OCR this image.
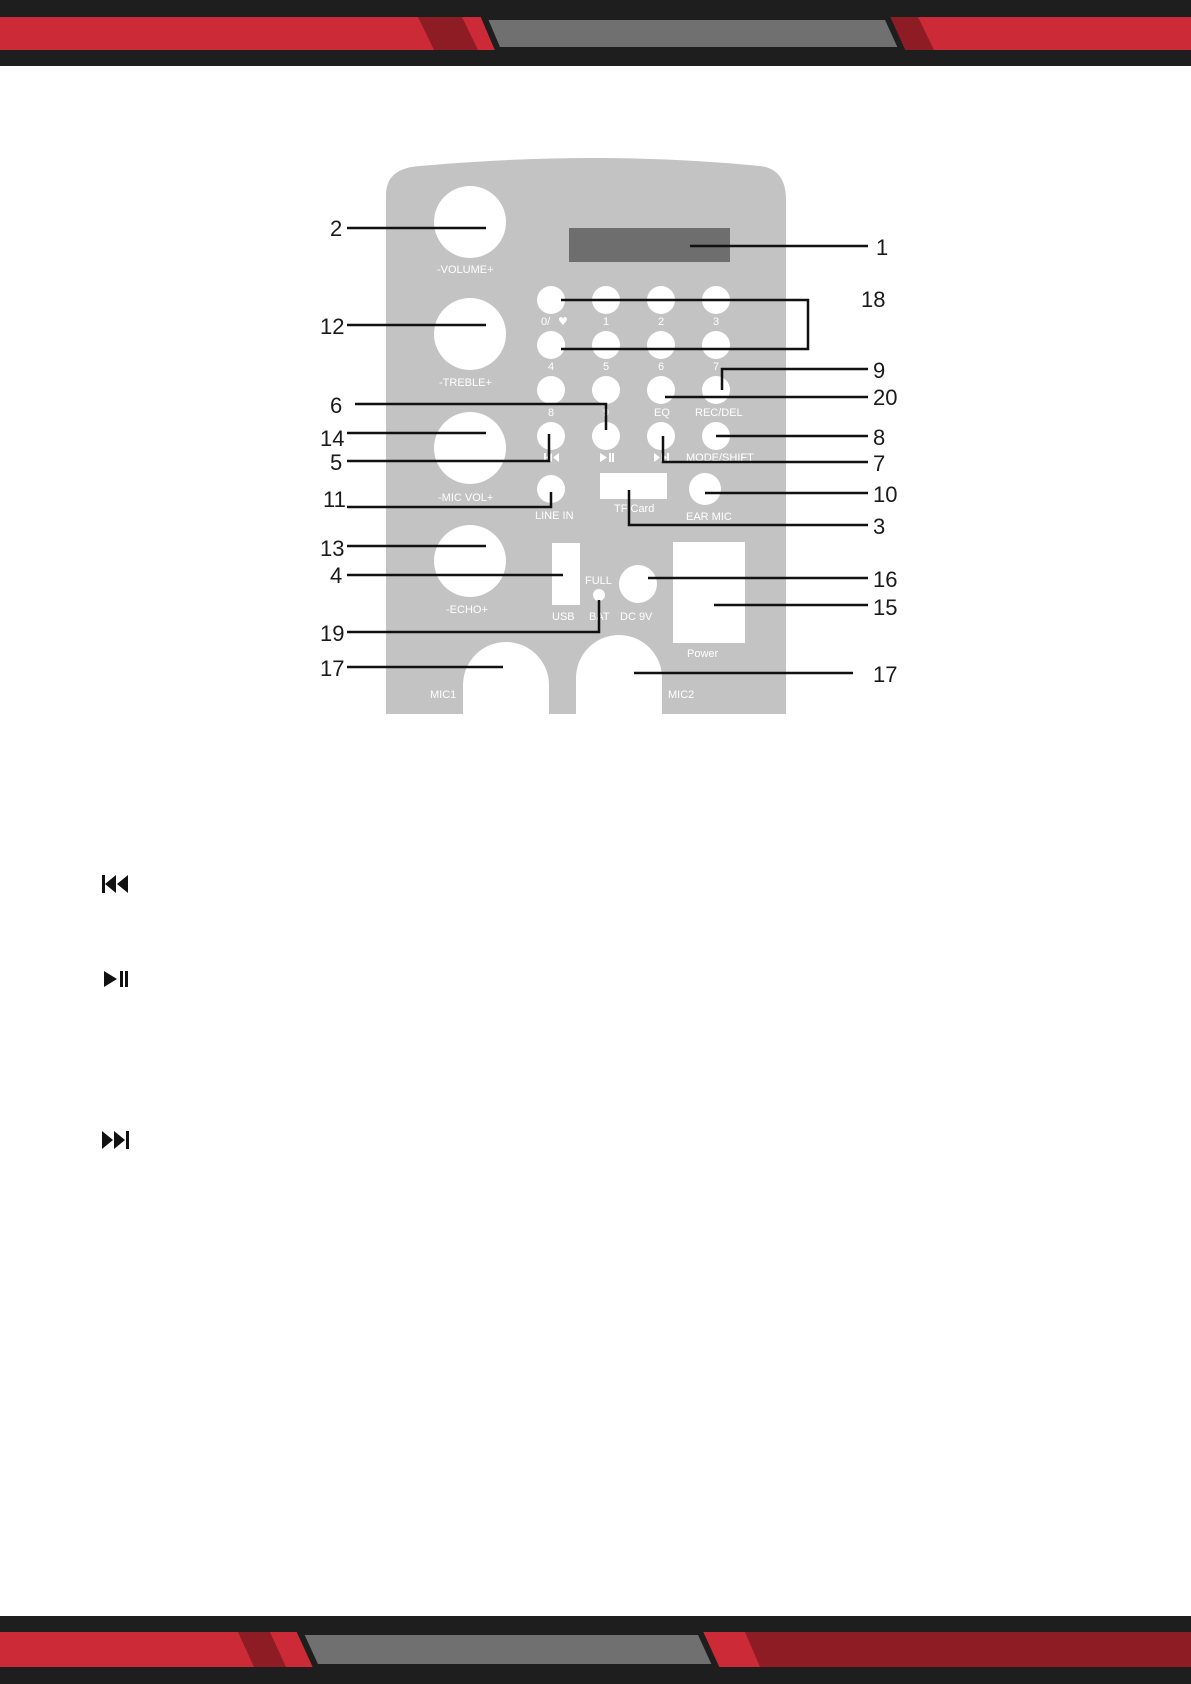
0/ ♥	1	2	3
4	5	6	7
8	9	EQ REC/DEL
MODE/SHIFT
LINE IN
TF Card
EAR MIC
-VOLUME+
-TREBLE+
-MIC VOL+
-ECHO+
USB
FULL
BAT DC 9V
Power
MIC1	MIC2
2
1
18
12
9
20
6
8
14
5	7
10
11
3
13
4	16
15
19
17	17
